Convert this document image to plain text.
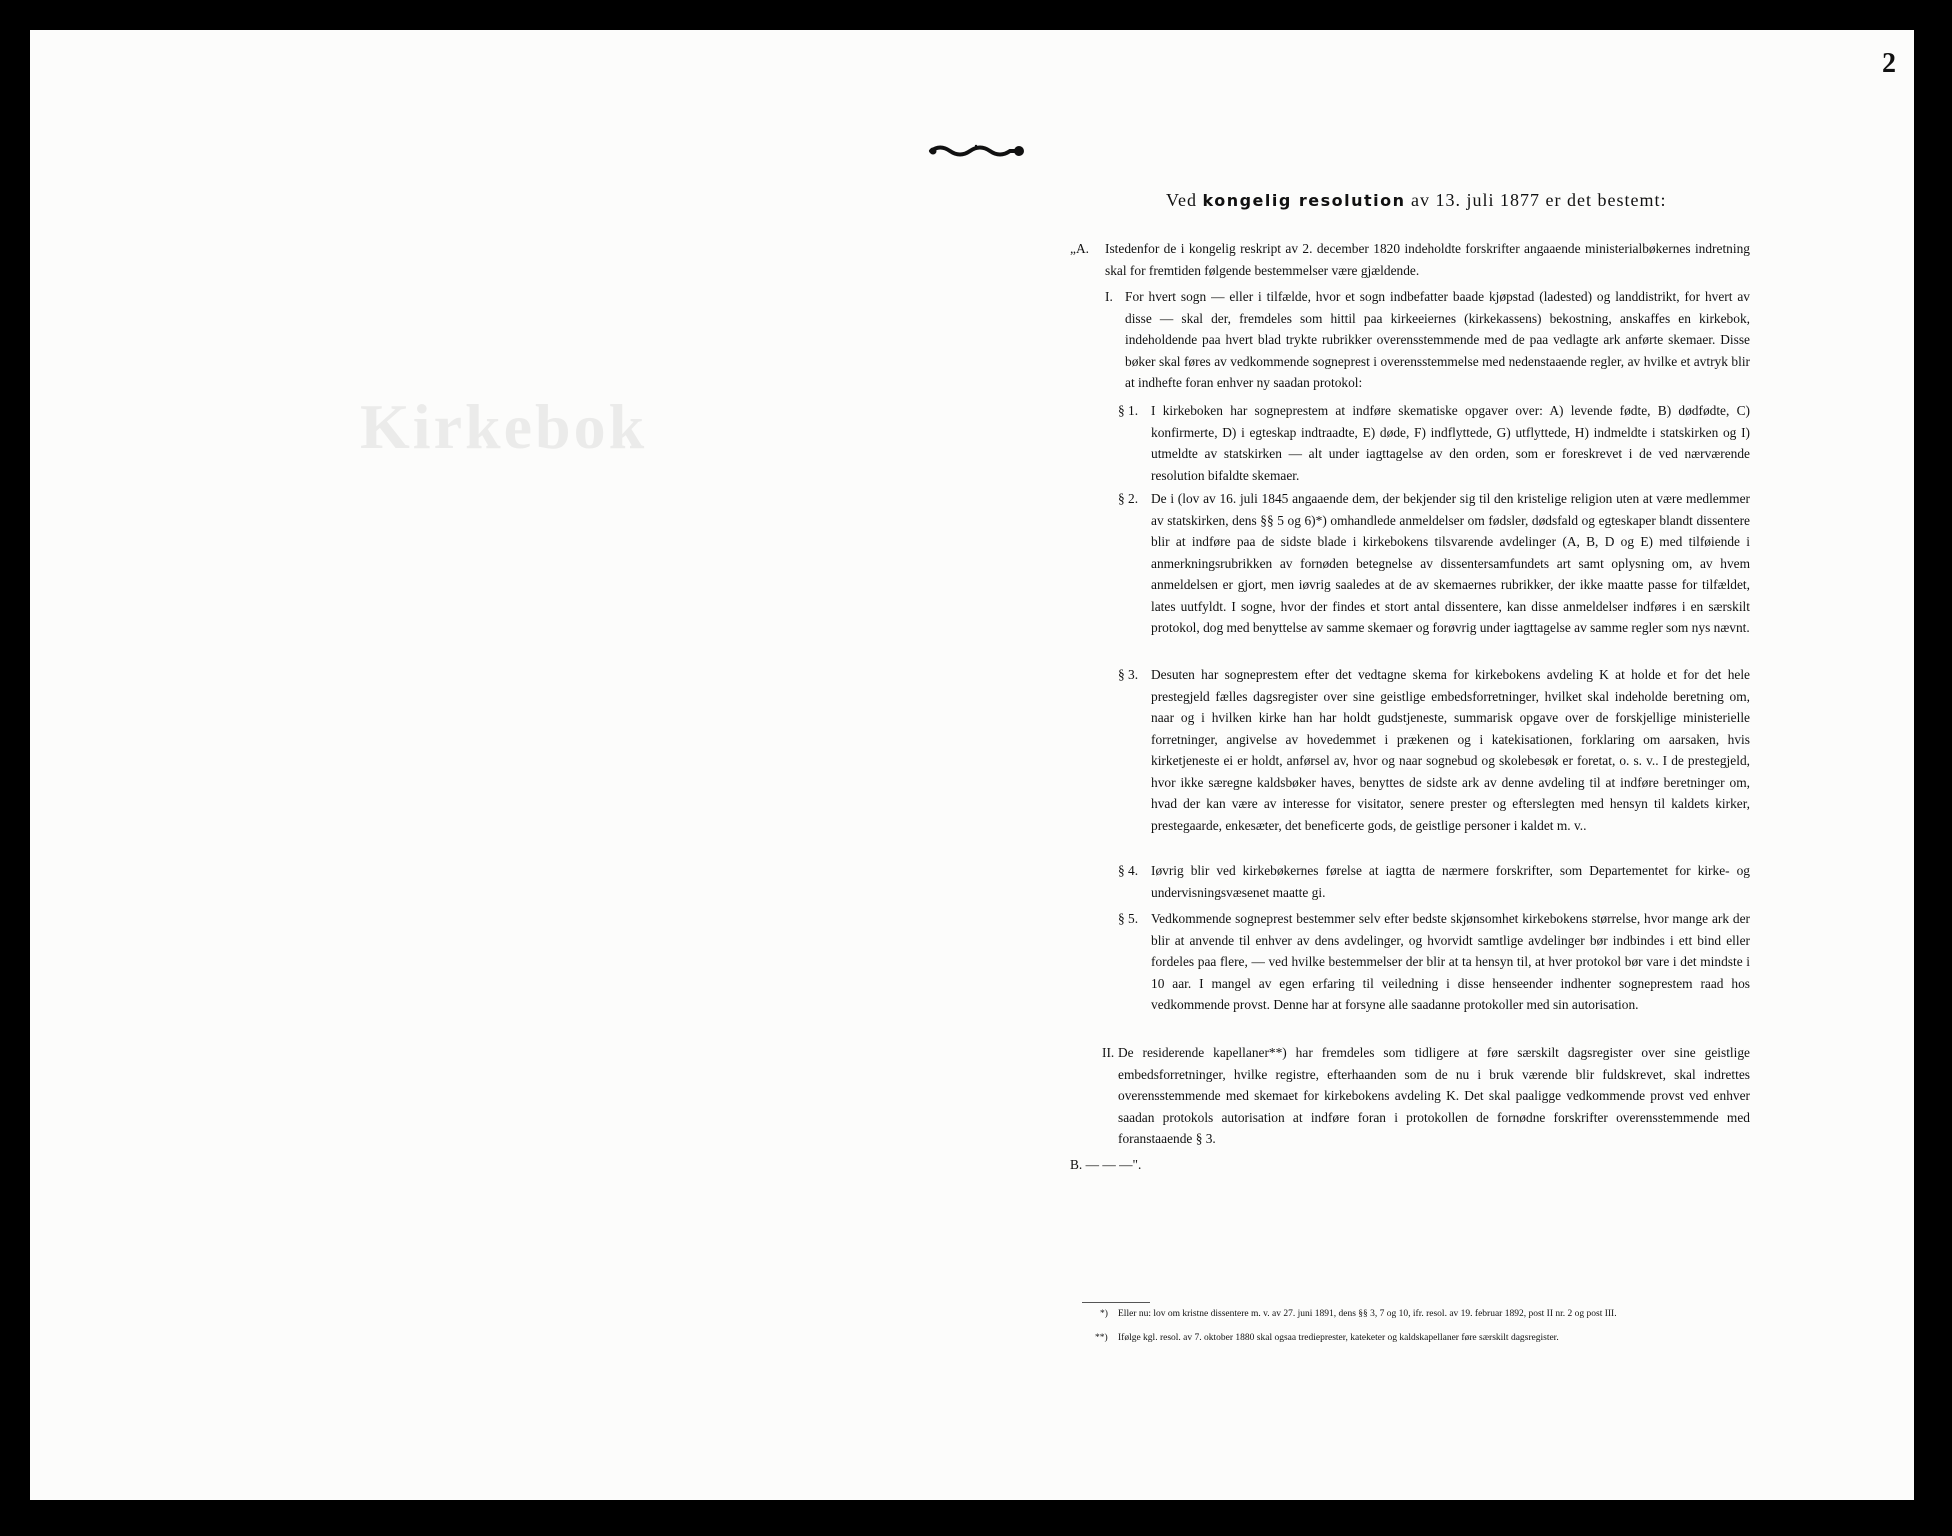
2
Kirkebok
Ved kongelig resolution av 13. juli 1877 er det bestemt:
„A. Istedenfor de i kongelig reskript av 2. december 1820 indeholdte forskrifter angaaende ministerialbøkernes indretning skal for fremtiden følgende bestemmelser være gjældende.

I. For hvert sogn — eller i tilfælde, hvor et sogn indbefatter baade kjøpstad (ladested) og landdistrikt, for hvert av disse — skal der, fremdeles som hittil paa kirkeeiernes (kirkekassens) bekostning, anskaffes en kirkebok, indeholdende paa hvert blad trykte rubrikker overensstemmende med de paa vedlagte ark anførte skemaer. Disse bøker skal føres av vedkommende sogneprest i overensstemmelse med nedenstaaende regler, av hvilke et avtryk blir at indhefte foran enhver ny saadan protokol:

§ 1. I kirkeboken har sogneprestem at indføre skematiske opgaver over: A) levende fødte, B) dødfødte, C) konfirmerte, D) i egteskap indtraadte, E) døde, F) indflyttede, G) utflyttede, H) indmeldte i statskirken og I) utmeldte av statskirken — alt under iagttagelse av den orden, som er foreskrevet i de ved nærværende resolution bifaldte skemaer.

§ 2. De i (lov av 16. juli 1845 angaaende dem, der bekjender sig til den kristelige religion uten at være medlemmer av statskirken, dens §§ 5 og 6)*) omhandlede anmeldelser om fødsler, dødsfald og egteskaper blandt dissentere blir at indføre paa de sidste blade i kirkebokens tilsvarende avdelinger (A, B, D og E) med tilføiende i anmerkningsrubrikken av fornøden betegnelse av dissentersamfundets art samt oplysning om, av hvem anmeldelsen er gjort, men iøvrig saaledes at de av skemaernes rubrikker, der ikke maatte passe for tilfældet, lates uutfyldt. I sogne, hvor der findes et stort antal dissentere, kan disse anmeldelser indføres i en særskilt protokol, dog med benyttelse av samme skemaer og forøvrig under iagttagelse av samme regler som nys nævnt.

§ 3. Desuten har sogneprestem efter det vedtagne skema for kirkebokens avdeling K at holde et for det hele prestegjeld fælles dagsregister over sine geistlige embedsforretninger, hvilket skal indeholde beretning om, naar og i hvilken kirke han har holdt gudstjeneste, summarisk opgave over de forskjellige ministerielle forretninger, angivelse av hovedemmet i prækenen og i katekisationen, forklaring om aarsaken, hvis kirketjeneste ei er holdt, anførsel av, hvor og naar sognebud og skolebesøk er foretat, o. s. v.. I de prestegjeld, hvor ikke særegne kaldsbøker haves, benyttes de sidste ark av denne avdeling til at indføre beretninger om, hvad der kan være av interesse for visitator, senere prester og efterslegten med hensyn til kaldets kirker, prestegaarde, enkesæter, det beneficerte gods, de geistlige personer i kaldet m. v..

§ 4. Iøvrig blir ved kirkebøkernes førelse at iagtta de nærmere forskrifter, som Departementet for kirke- og undervisningsvæsenet maatte gi.

§ 5. Vedkommende sogneprest bestemmer selv efter bedste skjønsomhet kirkebokens størrelse, hvor mange ark der blir at anvende til enhver av dens avdelinger, og hvorvidt samtlige avdelinger bør indbindes i ett bind eller fordeles paa flere, — ved hvilke bestemmelser der blir at ta hensyn til, at hver protokol bør vare i det mindste i 10 aar. I mangel av egen erfaring til veiledning i disse henseender indhenter sogneprestem raad hos vedkommende provst. Denne har at forsyne alle saadanne protokoller med sin autorisation.

II. De residerende kapellaner**) har fremdeles som tidligere at føre særskilt dagsregister over sine geistlige embedsforretninger, hvilke registre, efterhaanden som de nu i bruk værende blir fuldskrevet, skal indrettes overensstemmende med skemaet for kirkebokens avdeling K. Det skal paaligge vedkommende provst ved enhver saadan protokols autorisation at indføre foran i protokollen de fornødne forskrifter overensstemmende med foranstaaende § 3.

B. — — —".
*) Eller nu: lov om kristne dissentere m. v. av 27. juni 1891, dens §§ 3, 7 og 10, ifr. resol. av 19. februar 1892, post II nr. 2 og post III.

**) Ifølge kgl. resol. av 7. oktober 1880 skal ogsaa tredieprester, kateketer og kaldskapellaner føre særskilt dagsregister.
